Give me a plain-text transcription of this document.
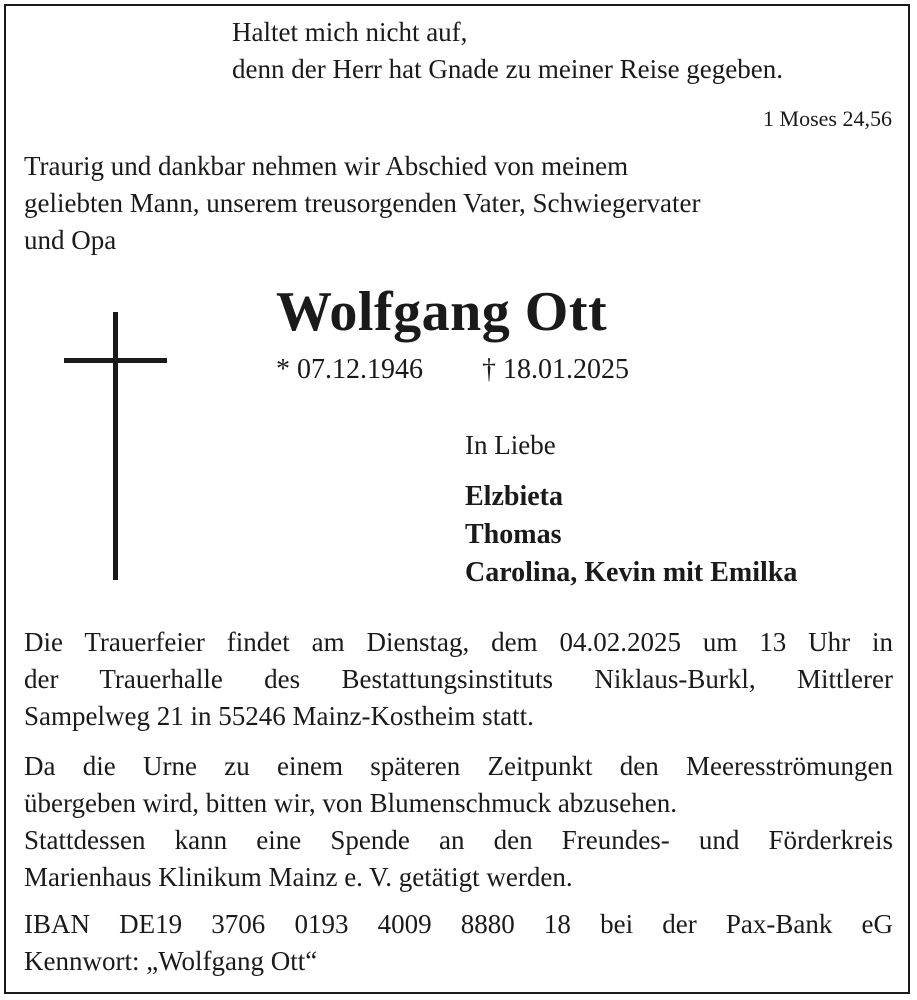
Haltet mich nicht auf,
denn der Herr hat Gnade zu meiner Reise gegeben.
1 Moses 24,56
Traurig und dankbar nehmen wir Abschied von meinem
geliebten Mann, unserem treusorgenden Vater, Schwiegervater
und Opa
Wolfgang Ott
* 07.12.1946 † 18.01.2025
In Liebe
Elzbieta
Thomas
Carolina, Kevin mit Emilka
Die Trauerfeier findet am Dienstag, dem 04.02.2025 um 13 Uhr in
der Trauerhalle des Bestattungsinstituts Niklaus-Burkl, Mittlerer
Sampelweg 21 in 55246 Mainz-Kostheim statt.
Da die Urne zu einem späteren Zeitpunkt den Meeresströmungen
übergeben wird, bitten wir, von Blumenschmuck abzusehen.
Stattdessen kann eine Spende an den Freundes- und Förderkreis
Marienhaus Klinikum Mainz e. V. getätigt werden.
IBAN DE19 3706 0193 4009 8880 18 bei der Pax-Bank eG
Kennwort: „Wolfgang Ott“
